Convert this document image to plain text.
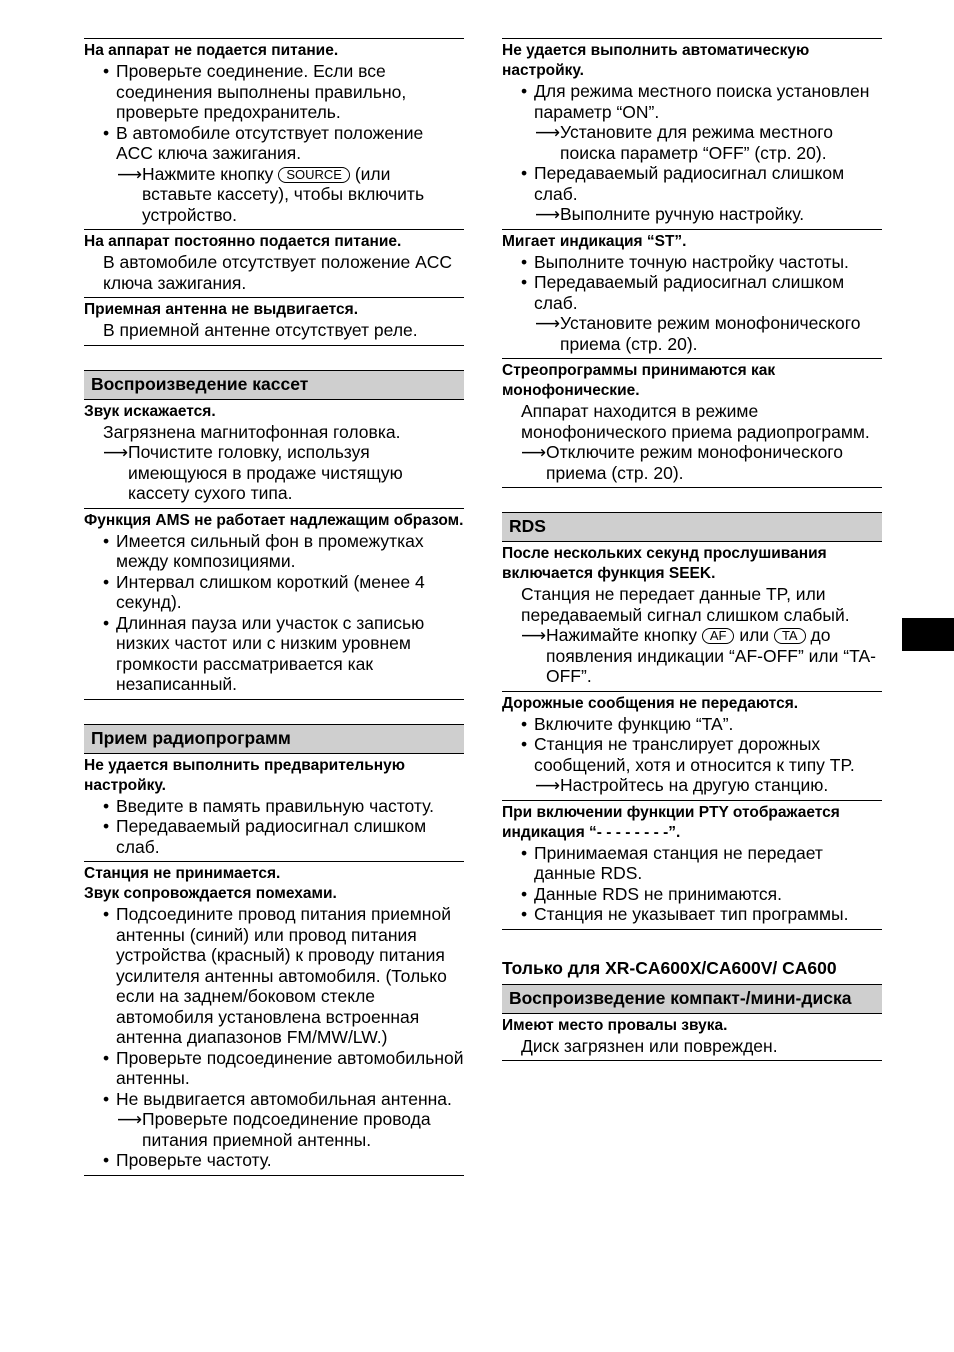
На аппарат не подается питание.
• Проверьте соединение. Если все соединения выполнены правильно, проверьте предохранитель.
• В автомобиле отсутствует положение ACC ключа зажигания.
⟶ Нажмите кнопку SOURCE (или вставьте кассету), чтобы включить устройство.
На аппарат постоянно подается питание.
В автомобиле отсутствует положение ACC ключа зажигания.
Приемная антенна не выдвигается.
В приемной антенне отсутствует реле.
Воспроизведение кассет
Звук искажается.
Загрязнена магнитофонная головка.
⟶ Почистите головку, используя имеющуюся в продаже чистящую кассету сухого типа.
Функция AMS не работает надлежащим образом.
• Имеется сильный фон в промежутках между композициями.
• Интервал слишком короткий (менее 4 секунд).
• Длинная пауза или участок с записью низких частот или с низким уровнем громкости рассматривается как незаписанный.
Прием радиопрограмм
Не удается выполнить предварительную настройку.
• Введите в память правильную частоту.
• Передаваемый радиосигнал слишком слаб.
Станция не принимается.
Звук сопровождается помехами.
• Подсоедините провод питания приемной антенны (синий) или провод питания устройства (красный) к проводу питания усилителя антенны автомобиля. (Только если на заднем/боковом стекле автомобиля установлена встроенная антенна диапазонов FM/MW/LW.)
• Проверьте подсоединение автомобильной антенны.
• Не выдвигается автомобильная антенна.
⟶ Проверьте подсоединение провода питания приемной антенны.
• Проверьте частоту.
Не удается выполнить автоматическую настройку.
• Для режима местного поиска установлен параметр “ON”.
⟶ Установите для режима местного поиска параметр “OFF” (стр. 20).
• Передаваемый радиосигнал слишком слаб.
⟶ Выполните ручную настройку.
Мигает индикация “ST”.
• Выполните точную настройку частоты.
• Передаваемый радиосигнал слишком слаб.
⟶ Установите режим монофонического приема (стр. 20).
Стреопрограммы принимаются как монофонические.
Аппарат находится в режиме монофонического приема радиопрограмм.
⟶ Отключите режим монофонического приема (стр. 20).
RDS
После нескольких секунд прослушивания включается функция SEEK.
Станция не передает данные TP, или передаваемый сигнал слишком слабый.
⟶ Нажимайте кнопку AF или TA до появления индикации “AF-OFF” или “TA-OFF”.
Дорожные сообщения не передаются.
• Включите функцию “TA”.
• Станция не транслирует дорожных сообщений, хотя и относится к типу TP.
⟶ Настройтесь на другую станцию.
При включении функции PTY отображается индикация “- - - - - - - -”.
• Принимаемая станция не передает данные RDS.
• Данные RDS не принимаются.
• Станция не указывает тип программы.
Только для XR-CA600X/CA600V/ CA600
Воспроизведение компакт-/мини-диска
Имеют место провалы звука.
Диск загрязнен или поврежден.
